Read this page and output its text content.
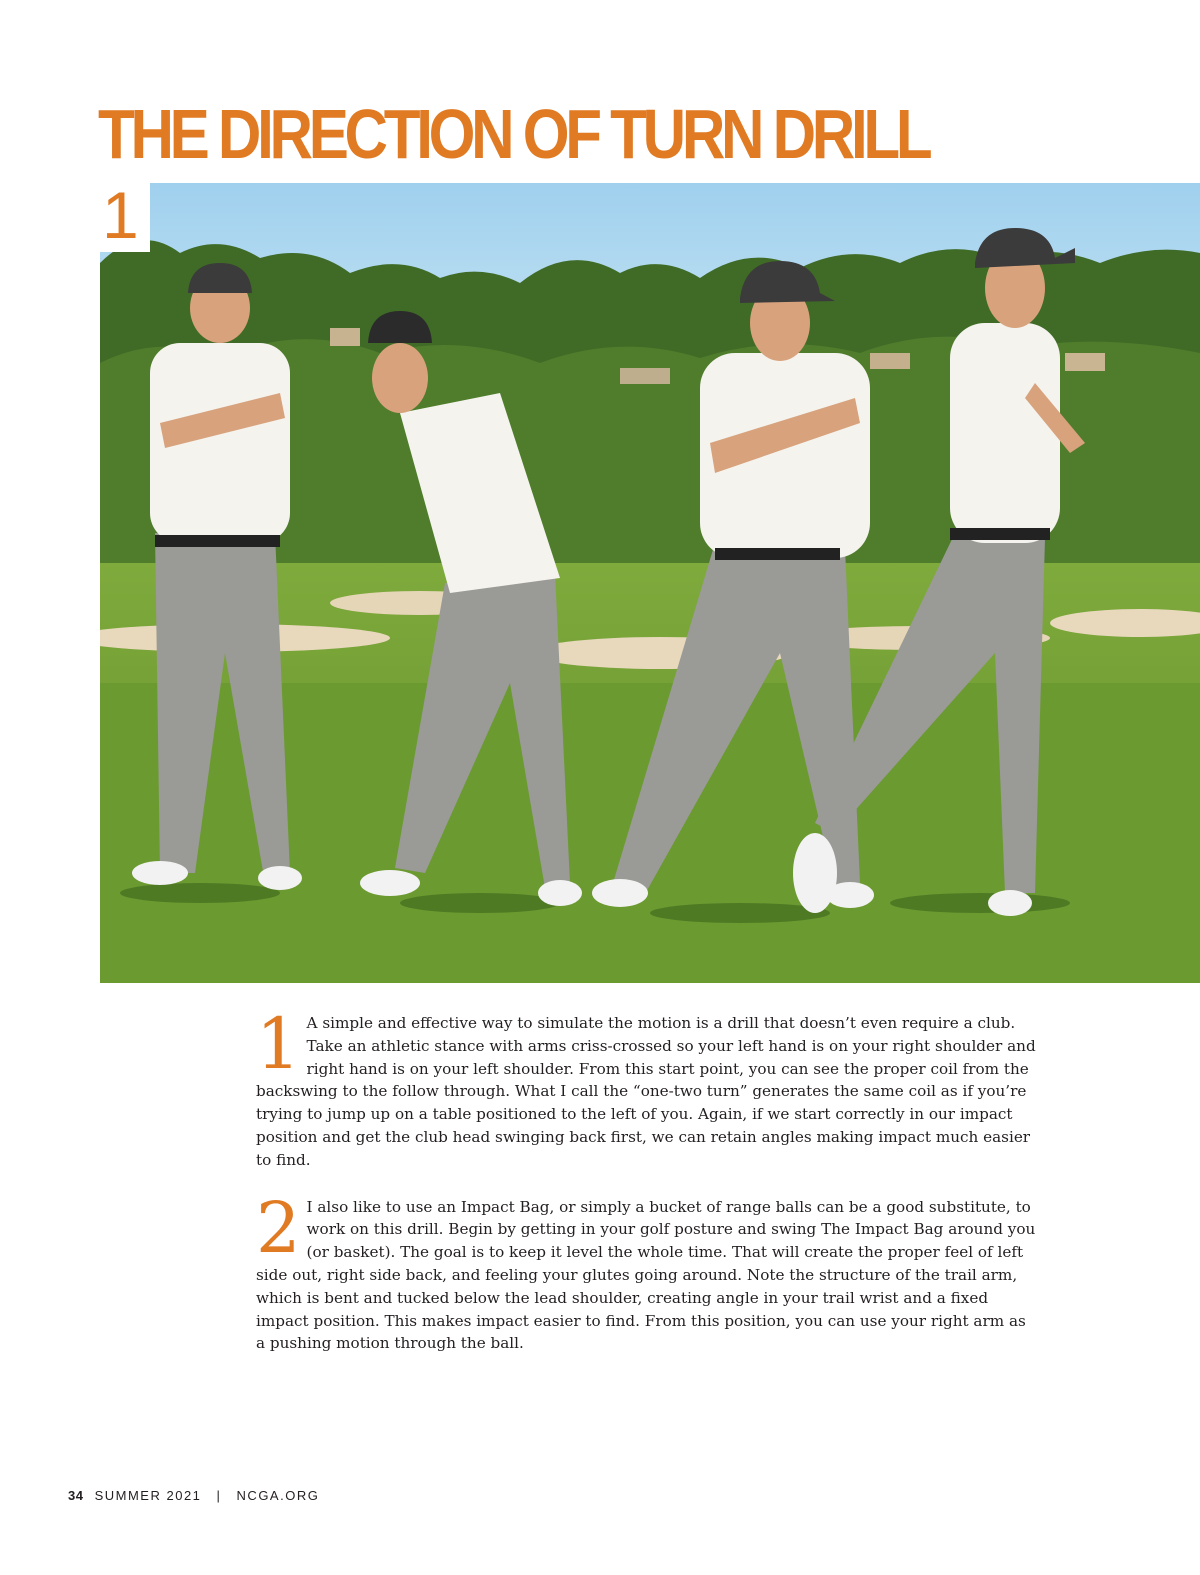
THE DIRECTION OF TURN DRILL
1

1 A simple and effective way to simulate the motion is a drill that doesn’t even require a club. Take an athletic stance with arms criss-crossed so your left hand is on your right shoulder and right hand is on your left shoulder. From this start point, you can see the proper coil from the backswing to the follow through. What I call the “one-two turn” generates the same coil as if you’re trying to jump up on a table positioned to the left of you. Again, if we start correctly in our impact position and get the club head swinging back first, we can retain angles making impact much easier to find.

2 I also like to use an Impact Bag, or simply a bucket of range balls can be a good substitute, to work on this drill. Begin by getting in your golf posture and swing The Impact Bag around you (or basket). The goal is to keep it level the whole time. That will create the proper feel of left side out, right side back, and feeling your glutes going around. Note the structure of the trail arm, which is bent and tucked below the lead shoulder, creating angle in your trail wrist and a fixed impact position. This makes impact easier to find. From this position, you can use your right arm as a pushing motion through the ball.

34 SUMMER 2021 | NCGA.ORG
